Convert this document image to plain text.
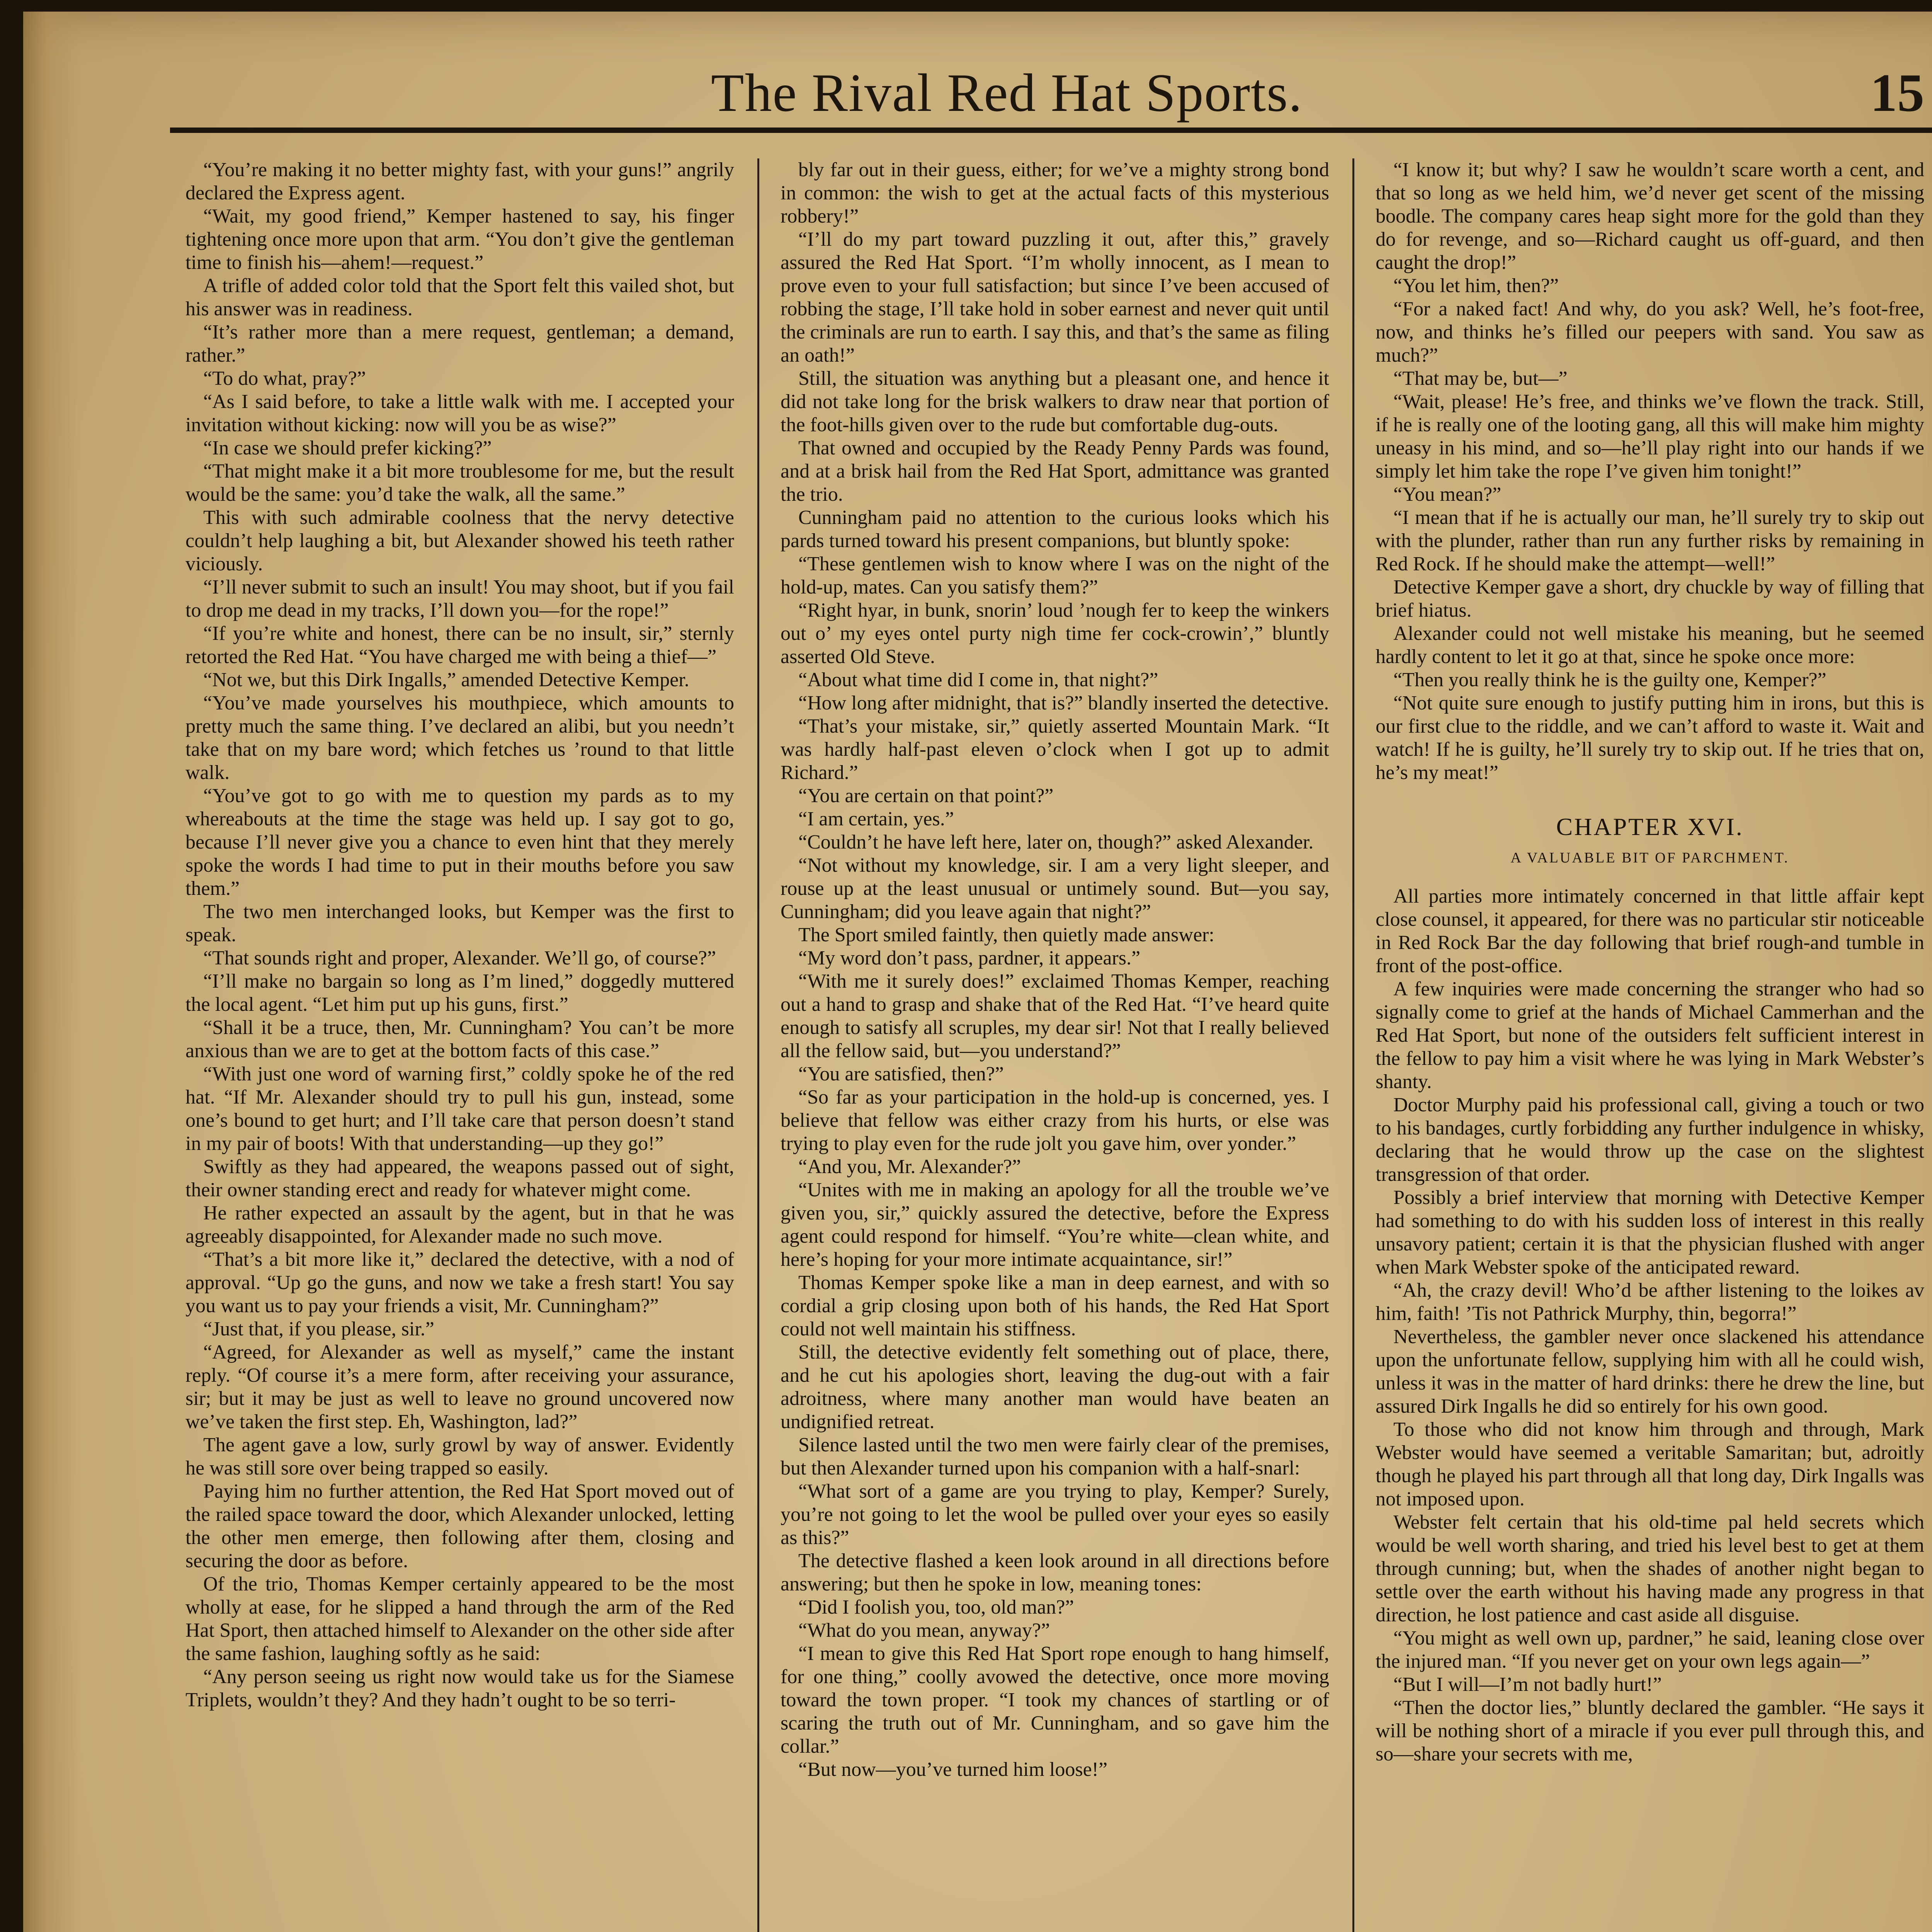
The Rival Red Hat Sports.	15

“You’re making it no better mighty fast, with your guns!” angrily declared the Express agent.

“Wait, my good friend,” Kemper hastened to say, his finger tightening once more upon that arm. “You don’t give the gentleman time to finish his—ahem!—request.”

A trifle of added color told that the Sport felt this vailed shot, but his answer was in readiness.

“It’s rather more than a mere request, gentleman; a demand, rather.”

“To do what, pray?”

“As I said before, to take a little walk with me. I accepted your invitation without kicking: now will you be as wise?”

“In case we should prefer kicking?”

“That might make it a bit more troublesome for me, but the result would be the same: you’d take the walk, all the same.”

This with such admirable coolness that the nervy detective couldn’t help laughing a bit, but Alexander showed his teeth rather viciously.

“I’ll never submit to such an insult! You may shoot, but if you fail to drop me dead in my tracks, I’ll down you—for the rope!”

“If you’re white and honest, there can be no insult, sir,” sternly retorted the Red Hat. “You have charged me with being a thief—”

“Not we, but this Dirk Ingalls,” amended Detective Kemper.

“You’ve made yourselves his mouthpiece, which amounts to pretty much the same thing. I’ve declared an alibi, but you needn’t take that on my bare word; which fetches us ’round to that little walk.

“You’ve got to go with me to question my pards as to my whereabouts at the time the stage was held up. I say got to go, because I’ll never give you a chance to even hint that they merely spoke the words I had time to put in their mouths before you saw them.”

The two men interchanged looks, but Kemper was the first to speak.

“That sounds right and proper, Alexander. We’ll go, of course?”

“I’ll make no bargain so long as I’m lined,” doggedly muttered the local agent. “Let him put up his guns, first.”

“Shall it be a truce, then, Mr. Cunningham? You can’t be more anxious than we are to get at the bottom facts of this case.”

“With just one word of warning first,” coldly spoke he of the red hat. “If Mr. Alexander should try to pull his gun, instead, some one’s bound to get hurt; and I’ll take care that person doesn’t stand in my pair of boots! With that understanding—up they go!”

Swiftly as they had appeared, the weapons passed out of sight, their owner standing erect and ready for whatever might come.

He rather expected an assault by the agent, but in that he was agreeably disappointed, for Alexander made no such move.

“That’s a bit more like it,” declared the detective, with a nod of approval. “Up go the guns, and now we take a fresh start! You say you want us to pay your friends a visit, Mr. Cunningham?”

“Just that, if you please, sir.”

“Agreed, for Alexander as well as myself,” came the instant reply. “Of course it’s a mere form, after receiving your assurance, sir; but it may be just as well to leave no ground uncovered now we’ve taken the first step. Eh, Washington, lad?”

The agent gave a low, surly growl by way of answer. Evidently he was still sore over being trapped so easily.

Paying him no further attention, the Red Hat Sport moved out of the railed space toward the door, which Alexander unlocked, letting the other men emerge, then following after them, closing and securing the door as before.

Of the trio, Thomas Kemper certainly appeared to be the most wholly at ease, for he slipped a hand through the arm of the Red Hat Sport, then attached himself to Alexander on the other side after the same fashion, laughing softly as he said:

“Any person seeing us right now would take us for the Siamese Triplets, wouldn’t they? And they hadn’t ought to be so terri-

bly far out in their guess, either; for we’ve a mighty strong bond in common: the wish to get at the actual facts of this mysterious robbery!”

“I’ll do my part toward puzzling it out, after this,” gravely assured the Red Hat Sport. “I’m wholly innocent, as I mean to prove even to your full satisfaction; but since I’ve been accused of robbing the stage, I’ll take hold in sober earnest and never quit until the criminals are run to earth. I say this, and that’s the same as filing an oath!”

Still, the situation was anything but a pleasant one, and hence it did not take long for the brisk walkers to draw near that portion of the foot-hills given over to the rude but comfortable dug-outs.

That owned and occupied by the Ready Penny Pards was found, and at a brisk hail from the Red Hat Sport, admittance was granted the trio.

Cunningham paid no attention to the curious looks which his pards turned toward his present companions, but bluntly spoke:

“These gentlemen wish to know where I was on the night of the hold-up, mates. Can you satisfy them?”

“Right hyar, in bunk, snorin’ loud ’nough fer to keep the winkers out o’ my eyes ontel purty nigh time fer cock-crowin’,” bluntly asserted Old Steve.

“About what time did I come in, that night?”

“How long after midnight, that is?” blandly inserted the detective.

“That’s your mistake, sir,” quietly asserted Mountain Mark. “It was hardly half-past eleven o’clock when I got up to admit Richard.”

“You are certain on that point?”

“I am certain, yes.”

“Couldn’t he have left here, later on, though?” asked Alexander.

“Not without my knowledge, sir. I am a very light sleeper, and rouse up at the least unusual or untimely sound. But—you say, Cunningham; did you leave again that night?”

The Sport smiled faintly, then quietly made answer:

“My word don’t pass, pardner, it appears.”

“With me it surely does!” exclaimed Thomas Kemper, reaching out a hand to grasp and shake that of the Red Hat. “I’ve heard quite enough to satisfy all scruples, my dear sir! Not that I really believed all the fellow said, but—you understand?”

“You are satisfied, then?”

“So far as your participation in the hold-up is concerned, yes. I believe that fellow was either crazy from his hurts, or else was trying to play even for the rude jolt you gave him, over yonder.”

“And you, Mr. Alexander?”

“Unites with me in making an apology for all the trouble we’ve given you, sir,” quickly assured the detective, before the Express agent could respond for himself. “You’re white—clean white, and here’s hoping for your more intimate acquaintance, sir!”

Thomas Kemper spoke like a man in deep earnest, and with so cordial a grip closing upon both of his hands, the Red Hat Sport could not well maintain his stiffness.

Still, the detective evidently felt something out of place, there, and he cut his apologies short, leaving the dug-out with a fair adroitness, where many another man would have beaten an undignified retreat.

Silence lasted until the two men were fairly clear of the premises, but then Alexander turned upon his companion with a half-snarl:

“What sort of a game are you trying to play, Kemper? Surely, you’re not going to let the wool be pulled over your eyes so easily as this?”

The detective flashed a keen look around in all directions before answering; but then he spoke in low, meaning tones:

“Did I foolish you, too, old man?”

“What do you mean, anyway?”

“I mean to give this Red Hat Sport rope enough to hang himself, for one thing,” coolly avowed the detective, once more moving toward the town proper. “I took my chances of startling or of scaring the truth out of Mr. Cunningham, and so gave him the collar.”

“But now—you’ve turned him loose!”

“I know it; but why? I saw he wouldn’t scare worth a cent, and that so long as we held him, we’d never get scent of the missing boodle. The company cares heap sight more for the gold than they do for revenge, and so—Richard caught us off-guard, and then caught the drop!”

“You let him, then?”

“For a naked fact! And why, do you ask? Well, he’s foot-free, now, and thinks he’s filled our peepers with sand. You saw as much?”

“That may be, but—”

“Wait, please! He’s free, and thinks we’ve flown the track. Still, if he is really one of the looting gang, all this will make him mighty uneasy in his mind, and so—he’ll play right into our hands if we simply let him take the rope I’ve given him tonight!”

“You mean?”

“I mean that if he is actually our man, he’ll surely try to skip out with the plunder, rather than run any further risks by remaining in Red Rock. If he should make the attempt—well!”

Detective Kemper gave a short, dry chuckle by way of filling that brief hiatus.

Alexander could not well mistake his meaning, but he seemed hardly content to let it go at that, since he spoke once more:

“Then you really think he is the guilty one, Kemper?”

“Not quite sure enough to justify putting him in irons, but this is our first clue to the riddle, and we can’t afford to waste it. Wait and watch! If he is guilty, he’ll surely try to skip out. If he tries that on, he’s my meat!”

CHAPTER XVI.
A VALUABLE BIT OF PARCHMENT.

All parties more intimately concerned in that little affair kept close counsel, it appeared, for there was no particular stir noticeable in Red Rock Bar the day following that brief rough-and tumble in front of the post-office.

A few inquiries were made concerning the stranger who had so signally come to grief at the hands of Michael Cammerhan and the Red Hat Sport, but none of the outsiders felt sufficient interest in the fellow to pay him a visit where he was lying in Mark Webster’s shanty.

Doctor Murphy paid his professional call, giving a touch or two to his bandages, curtly forbidding any further indulgence in whisky, declaring that he would throw up the case on the slightest transgression of that order.

Possibly a brief interview that morning with Detective Kemper had something to do with his sudden loss of interest in this really unsavory patient; certain it is that the physician flushed with anger when Mark Webster spoke of the anticipated reward.

“Ah, the crazy devil! Who’d be afther listening to the loikes av him, faith! ’Tis not Pathrick Murphy, thin, begorra!”

Nevertheless, the gambler never once slackened his attendance upon the unfortunate fellow, supplying him with all he could wish, unless it was in the matter of hard drinks: there he drew the line, but assured Dirk Ingalls he did so entirely for his own good.

To those who did not know him through and through, Mark Webster would have seemed a veritable Samaritan; but, adroitly though he played his part through all that long day, Dirk Ingalls was not imposed upon.

Webster felt certain that his old-time pal held secrets which would be well worth sharing, and tried his level best to get at them through cunning; but, when the shades of another night began to settle over the earth without his having made any progress in that direction, he lost patience and cast aside all disguise.

“You might as well own up, pardner,” he said, leaning close over the injured man. “If you never get on your own legs again—”

“But I will—I’m not badly hurt!”

“Then the doctor lies,” bluntly declared the gambler. “He says it will be nothing short of a miracle if you ever pull through this, and so—share your secrets with me,
